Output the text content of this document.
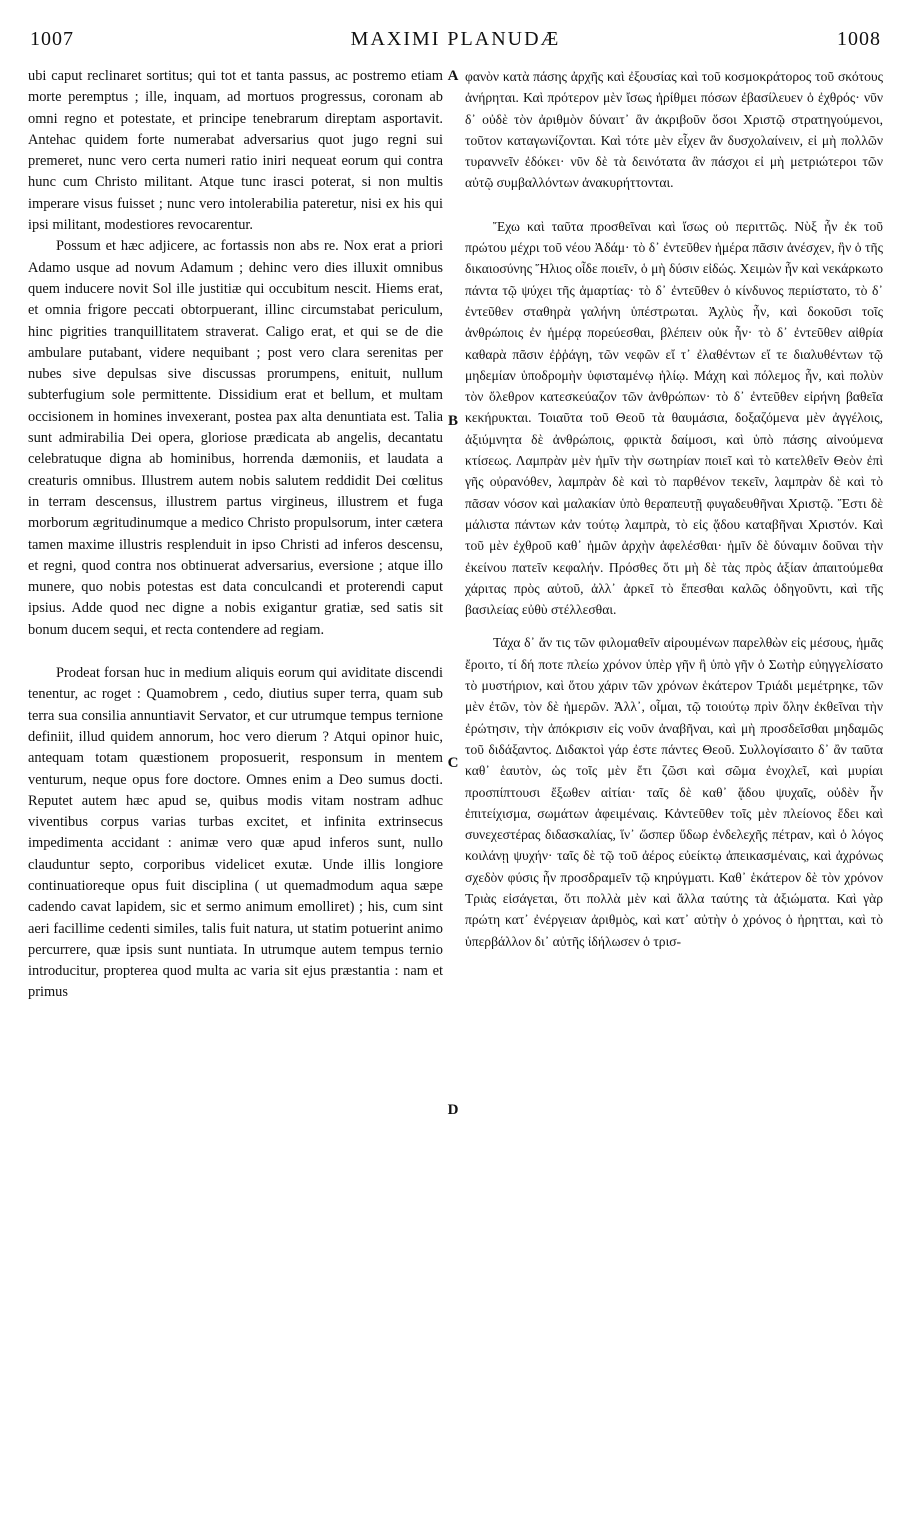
1007	MAXIMI PLANUDÆ	1008

ubi caput reclinaret sortitus; qui tot et tanta passus, ac postremo etiam morte peremptus ; ille, inquam, ad mortuos progressus, coronam ab omni regno et potestate, et principe tenebrarum direptam asportavit. Antehac quidem forte numerabat adversarius quot jugo regni sui premeret, nunc vero certa numeri ratio iniri nequeat eorum qui contra hunc cum Christo militant. Atque tunc irasci poterat, si non multis imperare visus fuisset ; nunc vero intolerabilia pateretur, nisi ex his qui ipsi militant, modestiores revocarentur.

Possum et hæc adjicere, ac fortassis non abs re. Nox erat a priori Adamo usque ad novum Adamum ; dehinc vero dies illuxit omnibus quem inducere novit Sol ille justitiæ qui occubitum nescit. Hiems erat, et omnia frigore peccati obtorpuerant, illinc circumstabat periculum, hinc pigrities tranquillitatem straverat. Caligo erat, et qui se de die ambulare putabant, videre nequibant ; post vero clara serenitas per nubes sive depulsas sive discussas prorumpens, enituit, nullum subterfugium sole permittente. Dissidium erat et bellum, et multam occisionem in homines invexerant, postea pax alta denuntiata est. Talia sunt admirabilia Dei opera, gloriose prædicata ab angelis, decantatu celebratuque digna ab hominibus, horrenda dæmoniis, et laudata a creaturis omnibus. Illustrem autem nobis salutem reddidit Dei cœlitus in terram descensus, illustrem partus virgineus, illustrem et fuga morborum ægritudinumque a medico Christo propulsorum, inter cætera tamen maxime illustris resplenduit in ipso Christi ad inferos descensu, et regni, quod contra nos obtinuerat adversarius, eversione ; atque illo munere, quo nobis potestas est data conculcandi et proterendi caput ipsius. Adde quod nec digne a nobis exigantur gratiæ, sed satis sit bonum ducem sequi, et recta contendere ad regiam.

Prodeat forsan huc in medium aliquis eorum qui aviditate discendi tenentur, ac roget : Quamobrem , cedo, diutius super terra, quam sub terra sua consilia annuntiavit Servator, et cur utrumque tempus ternione definiit, illud quidem annorum, hoc vero dierum ? Atqui opinor huic, antequam totam quæstionem proposuerit, responsum in mentem venturum, neque opus fore doctore. Omnes enim a Deo sumus docti. Reputet autem hæc apud se, quibus modis vitam nostram adhuc viventibus corpus varias turbas excitet, et infinita extrinsecus impedimenta accidant : animæ vero quæ apud inferos sunt, nullo clauduntur septo, corporibus videlicet exutæ. Unde illis longiore continuatioreque opus fuit disciplina ( ut quemadmodum aqua sæpe cadendo cavat lapidem, sic et sermo animum emolliret) ; his, cum sint aeri facillime cedenti similes, talis fuit natura, ut statim potuerint animo percurrere, quæ ipsis sunt nuntiata. In utrumque autem tempus ternio introducitur, propterea quod multa ac varia sit ejus præstantia : nam et primus

A
B
C
D

φανὸν κατὰ πάσης ἀρχῆς καὶ ἐξουσίας καὶ τοῦ κοσμοκράτορος τοῦ σκότους ἀνήρηται. Καὶ πρότερον μὲν ἴσως ἠρίθμει πόσων ἐβασίλευεν ὁ ἐχθρός· νῦν δ᾽ οὐδὲ τὸν ἀριθμὸν δύναιτ᾽ ἂν ἀκριβοῦν ὅσοι Χριστῷ στρατηγούμενοι, τοῦτον καταγωνίζονται. Καὶ τότε μὲν εἶχεν ἂν δυσχολαίνειν, εἰ μὴ πολλῶν τυραννεῖν ἐδόκει· νῦν δὲ τὰ δεινότατα ἂν πάσχοι εἰ μὴ μετριώτεροι τῶν αὐτῷ συμβαλλόντων ἀνακυρήττονται.

Ἔχω καὶ ταῦτα προσθεῖναι καὶ ἴσως οὐ περιττῶς. Νὺξ ἦν ἐκ τοῦ πρώτου μέχρι τοῦ νέου Ἀδάμ· τὸ δ᾽ ἐντεῦθεν ἡμέρα πᾶσιν ἀνέσχεν, ἣν ὁ τῆς δικαιοσύνης Ἥλιος οἶδε ποιεῖν, ὁ μὴ δύσιν εἰδώς. Χειμὼν ἦν καὶ νεκάρκωτο πάντα τῷ ψύχει τῆς ἁμαρτίας· τὸ δ᾽ ἐντεῦθεν ὁ κίνδυνος περιίστατο, τὸ δ᾽ ἐντεῦθεν σταθηρὰ γαλήνη ὑπέστρωται. Ἀχλὺς ἦν, καὶ δοκοῦσι τοῖς ἀνθρώποις ἐν ἡμέρᾳ πορεύεσθαι, βλέπειν οὐκ ἦν· τὸ δ᾽ ἐντεῦθεν αἰθρία καθαρὰ πᾶσιν ἐῤῥάγη, τῶν νεφῶν εἴ τ᾽ ἐλαθέντων εἴ τε διαλυθέντων τῷ μηδεμίαν ὑποδρομὴν ὑφισταμένῳ ἡλίῳ. Μάχη καὶ πόλεμος ἦν, καὶ πολὺν τὸν ὄλεθρον κατεσκεύαζον τῶν ἀνθρώπων· τὸ δ᾽ ἐντεῦθεν εἰρήνη βαθεῖα κεκήρυκται. Τοιαῦτα τοῦ Θεοῦ τὰ θαυμάσια, δοξαζόμενα μὲν ἀγγέλοις, ἀξιύμνητα δὲ ἀνθρώποις, φρικτὰ δαίμοσι, καὶ ὑπὸ πάσης αἰνούμενα κτίσεως. Λαμπρὰν μὲν ἡμῖν τὴν σωτηρίαν ποιεῖ καὶ τὸ κατελθεῖν Θεὸν ἐπὶ γῆς οὐρανόθεν, λαμπρὰν δὲ καὶ τὸ παρθένον τεκεῖν, λαμπρὰν δὲ καὶ τὸ πᾶσαν νόσον καὶ μαλακίαν ὑπὸ θεραπευτῇ φυγαδευθῆναι Χριστῷ. Ἔστι δὲ μάλιστα πάντων κἀν τούτῳ λαμπρὰ, τὸ εἰς ᾅδου καταβῆναι Χριστόν. Καὶ τοῦ μὲν ἐχθροῦ καθ᾽ ἡμῶν ἀρχὴν ἀφελέσθαι· ἡμῖν δὲ δύναμιν δοῦναι τὴν ἐκείνου πατεῖν κεφαλήν. Πρόσθες ὅτι μὴ δὲ τὰς πρὸς ἀξίαν ἀπαιτούμεθα χάριτας πρὸς αὐτοῦ, ἀλλ᾽ ἀρκεῖ τὸ ἕπεσθαι καλῶς ὁδηγοῦντι, καὶ τῆς βασιλείας εὐθὺ στέλλεσθαι.

Τάχα δ᾽ ἄν τις τῶν φιλομαθεῖν αἱρουμένων παρελθὼν εἰς μέσους, ἡμᾶς ἔροιτο, τί δή ποτε πλείω χρόνον ὑπὲρ γῆν ἢ ὑπὸ γῆν ὁ Σωτὴρ εὐηγγελίσατο τὸ μυστήριον, καὶ ὅτου χάριν τῶν χρόνων ἑκάτερον Τριάδι μεμέτρηκε, τῶν μὲν ἐτῶν, τὸν δὲ ἡμερῶν. Ἀλλ᾽, οἶμαι, τῷ τοιούτῳ πρὶν ὅλην ἐκθεῖναι τὴν ἐρώτησιν, τὴν ἀπόκρισιν εἰς νοῦν ἀναβῆναι, καὶ μὴ προσδεῖσθαι μηδαμῶς τοῦ διδάξαντος. Διδακτοὶ γάρ ἐστε πάντες Θεοῦ. Συλλογίσαιτο δ᾽ ἂν ταῦτα καθ᾽ ἑαυτὸν, ὡς τοῖς μὲν ἔτι ζῶσι καὶ σῶμα ἐνοχλεῖ, καὶ μυρίαι προσπίπτουσι ἔξωθεν αἰτίαι· ταῖς δὲ καθ᾽ ᾅδου ψυχαῖς, οὐδὲν ἦν ἐπιτείχισμα, σωμάτων ἀφειμέναις. Κἀντεῦθεν τοῖς μὲν πλείονος ἔδει καὶ συνεχεστέρας διδασκαλίας, ἵν᾽ ὥσπερ ὕδωρ ἐνδελεχῆς πέτραν, καὶ ὁ λόγος κοιλάνῃ ψυχήν· ταῖς δὲ τῷ τοῦ ἀέρος εὐείκτῳ ἀπεικασμέναις, καὶ ἀχρόνως σχεδὸν φύσις ἦν προσδραμεῖν τῷ κηρύγματι. Καθ᾽ ἑκάτερον δὲ τὸν χρόνον Τριὰς εἰσάγεται, ὅτι πολλὰ μὲν καὶ ἄλλα ταύτης τὰ ἀξιώματα. Καὶ γὰρ πρώτη κατ᾽ ἐνέργειαν ἀριθμὸς, καὶ κατ᾽ αὐτὴν ὁ χρόνος ὁ ἠρητται, καὶ τὸ ὑπερβάλλον δι᾽ αὐτῆς ἰδήλωσεν ὁ τρισ-
